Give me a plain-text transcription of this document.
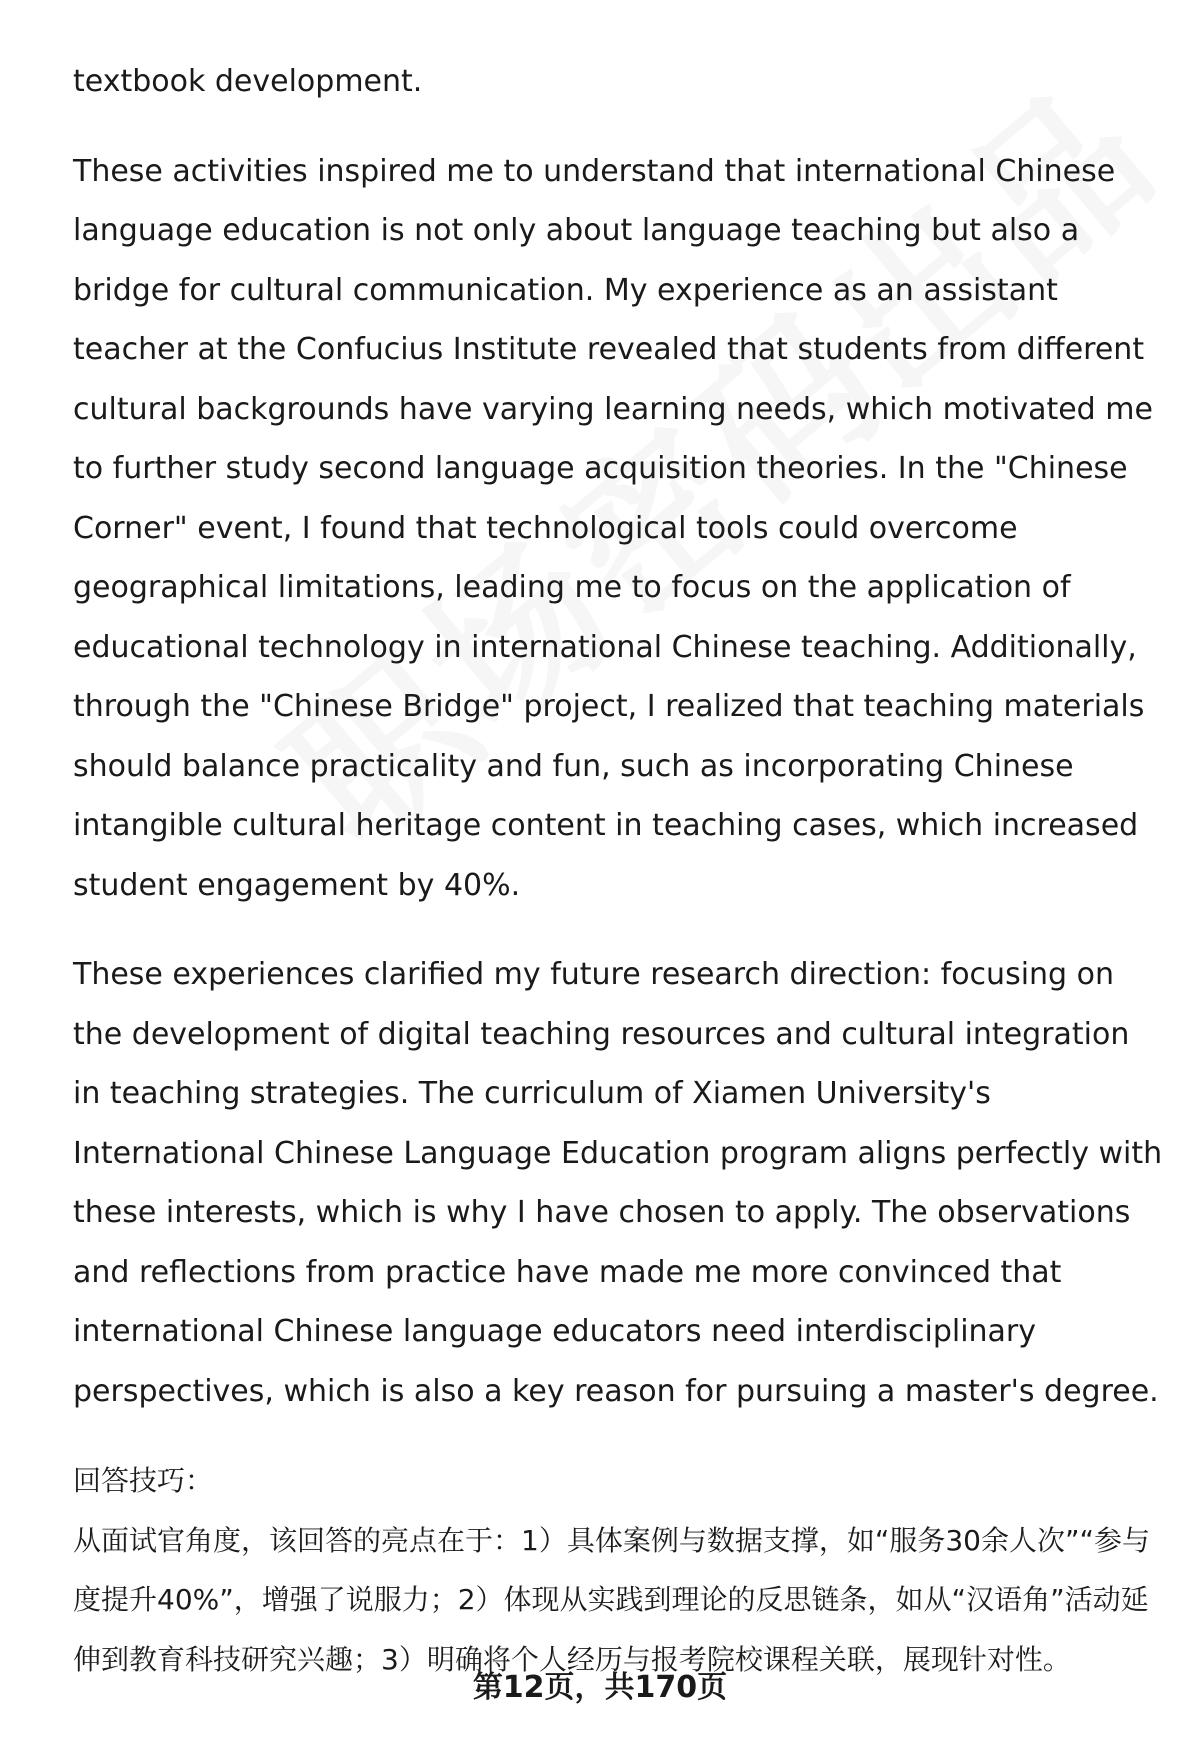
textbook development.

These activities inspired me to understand that international Chinese language education is not only about language teaching but also a bridge for cultural communication. My experience as an assistant teacher at the Confucius Institute revealed that students from different cultural backgrounds have varying learning needs, which motivated me to further study second language acquisition theories. In the "Chinese Corner" event, I found that technological tools could overcome geographical limitations, leading me to focus on the application of educational technology in international Chinese teaching. Additionally, through the "Chinese Bridge" project, I realized that teaching materials should balance practicality and fun, such as incorporating Chinese intangible cultural heritage content in teaching cases, which increased student engagement by 40%.

These experiences clarified my future research direction: focusing on the development of digital teaching resources and cultural integration in teaching strategies. The curriculum of Xiamen University's International Chinese Language Education program aligns perfectly with these interests, which is why I have chosen to apply. The observations and reflections from practice have made me more convinced that international Chinese language educators need interdisciplinary perspectives, which is also a key reason for pursuing a master's degree.

回答技巧：

从面试官角度，该回答的亮点在于：1）具体案例与数据支撑，如“服务30余人次”“参与度提升40%”，增强了说服力；2）体现从实践到理论的反思链条，如从“汉语角”活动延伸到教育科技研究兴趣；3）明确将个人经历与报考院校课程关联，展现针对性。

第12页，共170页
